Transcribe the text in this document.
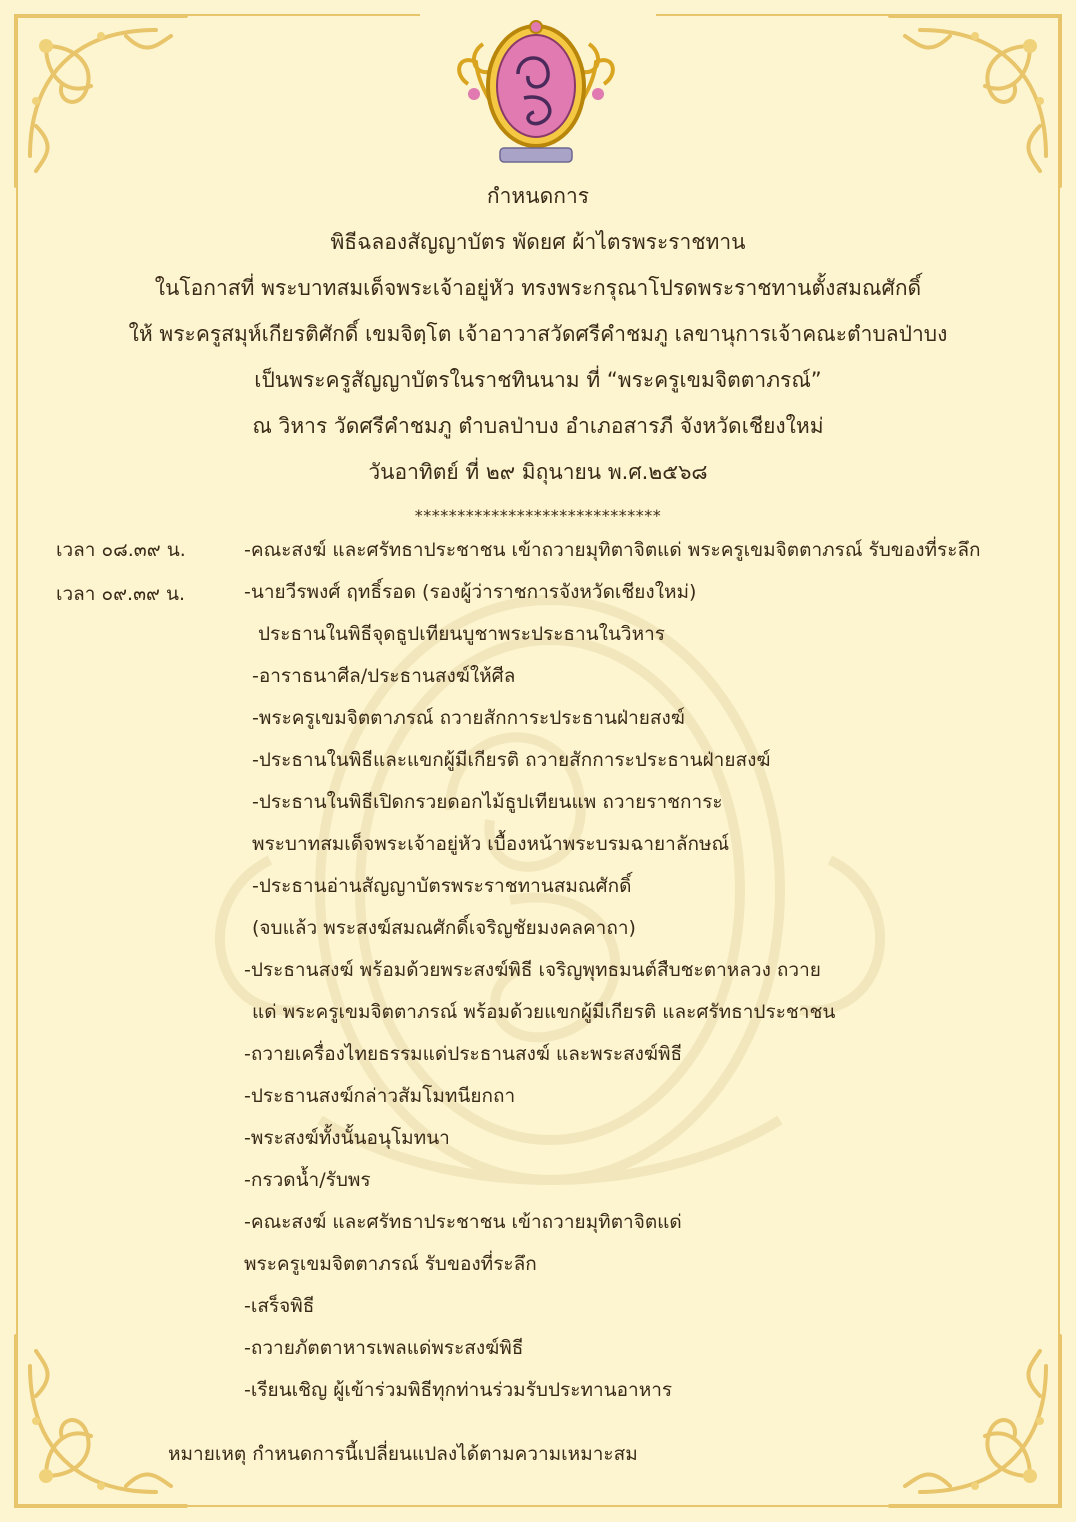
กำหนดการ
พิธีฉลองสัญญาบัตร พัดยศ ผ้าไตรพระราชทาน
ในโอกาสที่ พระบาทสมเด็จพระเจ้าอยู่หัว ทรงพระกรุณาโปรดพระราชทานตั้งสมณศักดิ์
ให้ พระครูสมุห์เกียรติศักดิ์ เขมจิตฺโต เจ้าอาวาสวัดศรีคำชมภู เลขานุการเจ้าคณะตำบลป่าบง
เป็นพระครูสัญญาบัตรในราชทินนาม ที่ “พระครูเขมจิตตาภรณ์”
ณ วิหาร วัดศรีคำชมภู ตำบลป่าบง อำเภอสารภี จังหวัดเชียงใหม่
วันอาทิตย์ ที่ ๒๙ มิถุนายน พ.ศ.๒๕๖๘
*****************************
เวลา ๐๘.๓๙ น.
เวลา ๐๙.๓๙ น.
-คณะสงฆ์ และศรัทธาประชาชน เข้าถวายมุทิตาจิตแด่ พระครูเขมจิตตาภรณ์ รับของที่ระลึก
-นายวีรพงศ์ ฤทธิ์รอด (รองผู้ว่าราชการจังหวัดเชียงใหม่)
ประธานในพิธีจุดธูปเทียนบูชาพระประธานในวิหาร
-อาราธนาศีล/ประธานสงฆ์ให้ศีล
-พระครูเขมจิตตาภรณ์ ถวายสักการะประธานฝ่ายสงฆ์
-ประธานในพิธีและแขกผู้มีเกียรติ ถวายสักการะประธานฝ่ายสงฆ์
-ประธานในพิธีเปิดกรวยดอกไม้ธูปเทียนแพ ถวายราชการะ
พระบาทสมเด็จพระเจ้าอยู่หัว เบื้องหน้าพระบรมฉายาลักษณ์
-ประธานอ่านสัญญาบัตรพระราชทานสมณศักดิ์
(จบแล้ว พระสงฆ์สมณศักดิ์เจริญชัยมงคลคาถา)
-ประธานสงฆ์ พร้อมด้วยพระสงฆ์พิธี เจริญพุทธมนต์สืบชะตาหลวง ถวาย
แด่ พระครูเขมจิตตาภรณ์ พร้อมด้วยแขกผู้มีเกียรติ และศรัทธาประชาชน
-ถวายเครื่องไทยธรรมแด่ประธานสงฆ์ และพระสงฆ์พิธี
-ประธานสงฆ์กล่าวสัมโมทนียกถา
-พระสงฆ์ทั้งนั้นอนุโมทนา
-กรวดน้ำ/รับพร
-คณะสงฆ์ และศรัทธาประชาชน เข้าถวายมุทิตาจิตแด่
พระครูเขมจิตตาภรณ์ รับของที่ระลึก
-เสร็จพิธี
-ถวายภัตตาหารเพลแด่พระสงฆ์พิธี
-เรียนเชิญ ผู้เข้าร่วมพิธีทุกท่านร่วมรับประทานอาหาร
หมายเหตุ กำหนดการนี้เปลี่ยนแปลงได้ตามความเหมาะสม
